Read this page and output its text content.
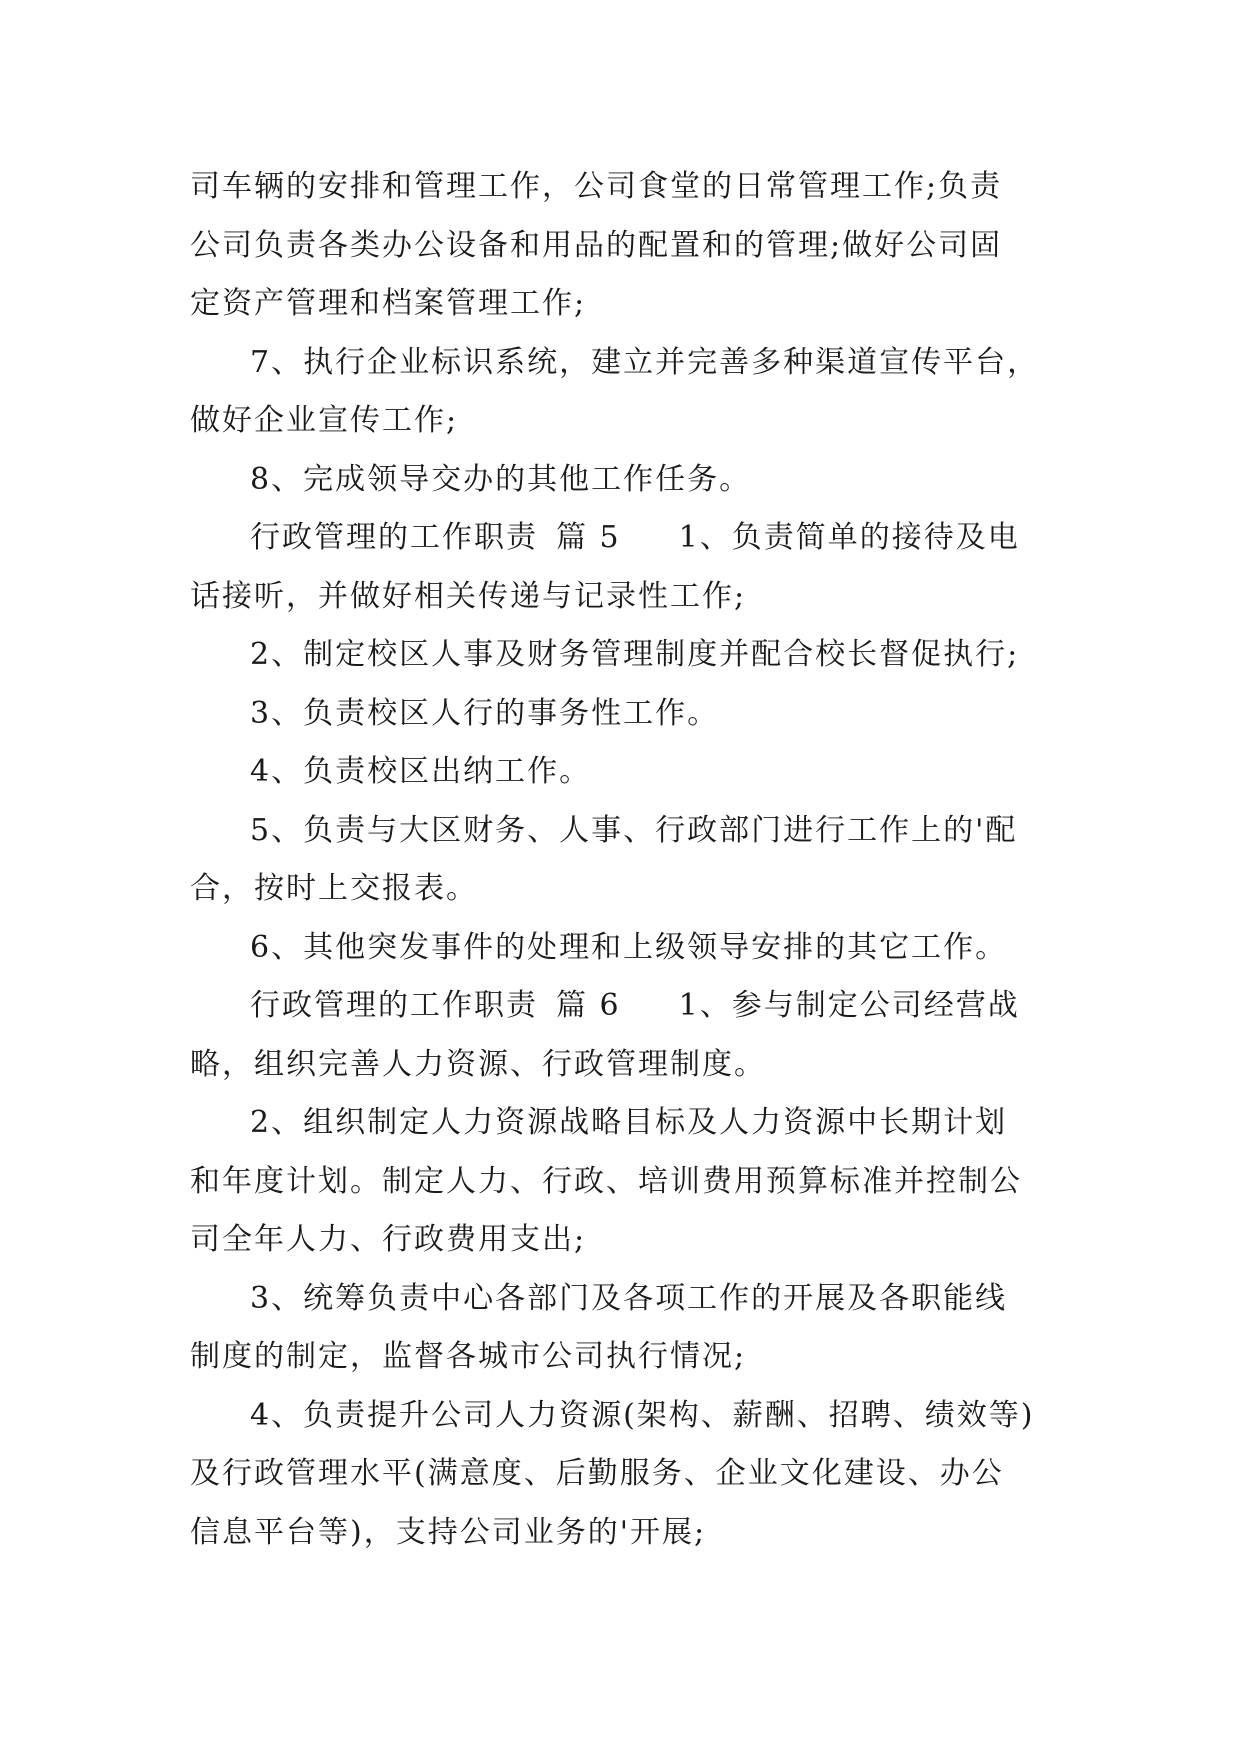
司车辆的安排和管理工作，公司食堂的日常管理工作;负责
公司负责各类办公设备和用品的配置和的管理;做好公司固
定资产管理和档案管理工作;
7、执行企业标识系统，建立并完善多种渠道宣传平台，
做好企业宣传工作;
8、完成领导交办的其他工作任务。
行政管理的工作职责 篇 5 1、负责简单的接待及电
话接听，并做好相关传递与记录性工作;
2、制定校区人事及财务管理制度并配合校长督促执行;
3、负责校区人行的事务性工作。
4、负责校区出纳工作。
5、负责与大区财务、人事、行政部门进行工作上的'配
合，按时上交报表。
6、其他突发事件的处理和上级领导安排的其它工作。
行政管理的工作职责 篇 6 1、参与制定公司经营战
略，组织完善人力资源、行政管理制度。
2、组织制定人力资源战略目标及人力资源中长期计划
和年度计划。制定人力、行政、培训费用预算标准并控制公
司全年人力、行政费用支出;
3、统筹负责中心各部门及各项工作的开展及各职能线
制度的制定，监督各城市公司执行情况;
4、负责提升公司人力资源(架构、薪酬、招聘、绩效等)
及行政管理水平(满意度、后勤服务、企业文化建设、办公
信息平台等)，支持公司业务的'开展;
